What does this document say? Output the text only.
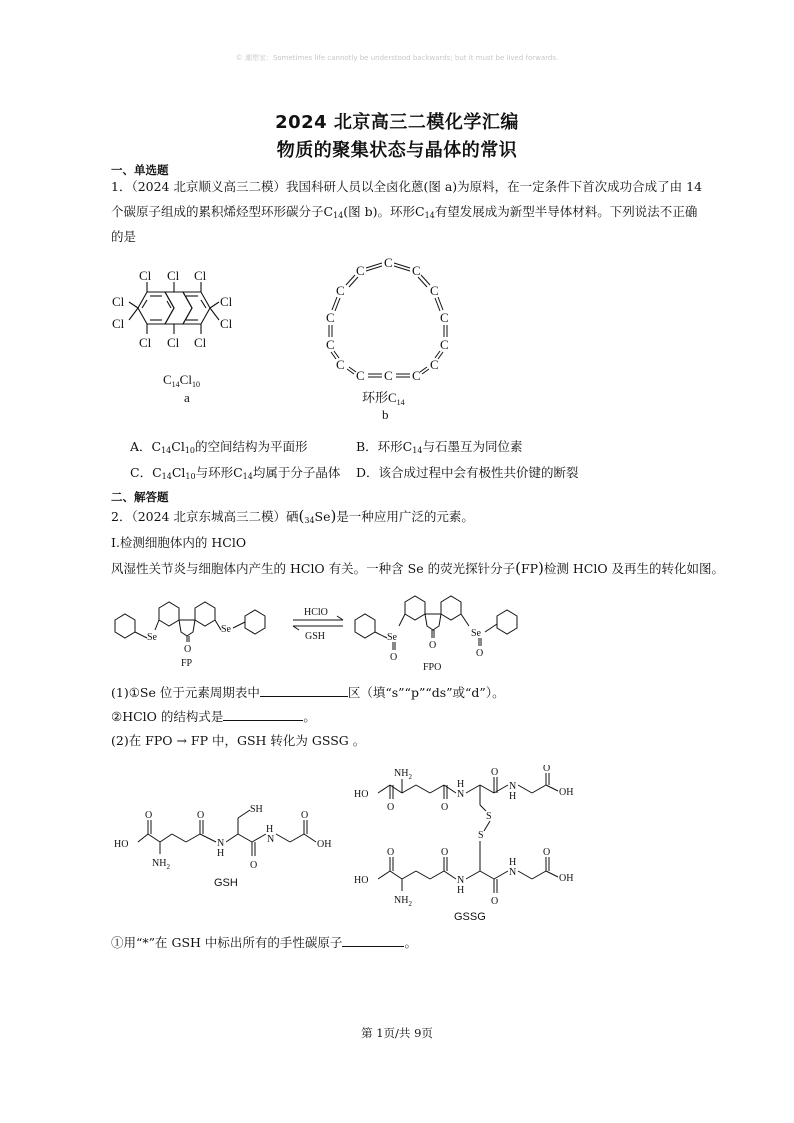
© 潮想家：Sometimes life cannotly be understood backwards; but it must be lived forwards.
2024 北京高三二模化学汇编
物质的聚集状态与晶体的常识
一、单选题
1．（2024 北京顺义高三二模）我国科研人员以全卤化蒽(图 a)为原料，在一定条件下首次成功合成了由 14
个碳原子组成的累积烯烃型环形碳分子$C_{14}$(图 b)。环形$C_{14}$有望发展成为新型半导体材料。下列说法不正确
的是
Cl Cl Cl
Cl Cl Cl
Cl
Cl
Cl
Cl
$C_{14}Cl_{10}$
a
C
C
C
C	C
C	C
C	C
C	C
C C C
环形$C_{14}$
b
A．$C_{14}Cl_{10}$的空间结构为平面形	B．环形$C_{14}$与石墨互为同位素
C．$C_{14}Cl_{10}$与环形$C_{14}$均属于分子晶体 D．该合成过程中会有极性共价键的断裂
二、解答题
2．（2024 北京东城高三二模）硒$(_{34}Se)$是一种应用广泛的元素。
I.检测细胞体内的 HClO
风湿性关节炎与细胞体内产生的 HClO 有关。一种含 Se 的荧光探针分子(FP)检测 HClO 及再生的转化如图。
Se
Se
O
FP
HClO
GSH	Se	Se
O
O	O
FPO
(1)①Se 位于元素周期表中	区（填“s”“p”“ds”或“d”）。
②HClO 的结构式是	。
(2)在 FPO → FP 中，GSH 转化为 GSSG 。
HO
O
$NH_2$
O
N
H
SH
O
H
N
O
OH
GSH
HO
O
$NH_2$
O
H
N
O
N
H
O
OH
S
S
HO
O
$NH_2$
O
N
H
O
H
N
O
OH
GSSG
①用“*”在 GSH 中标出所有的手性碳原子	。
第 1页/共 9页
